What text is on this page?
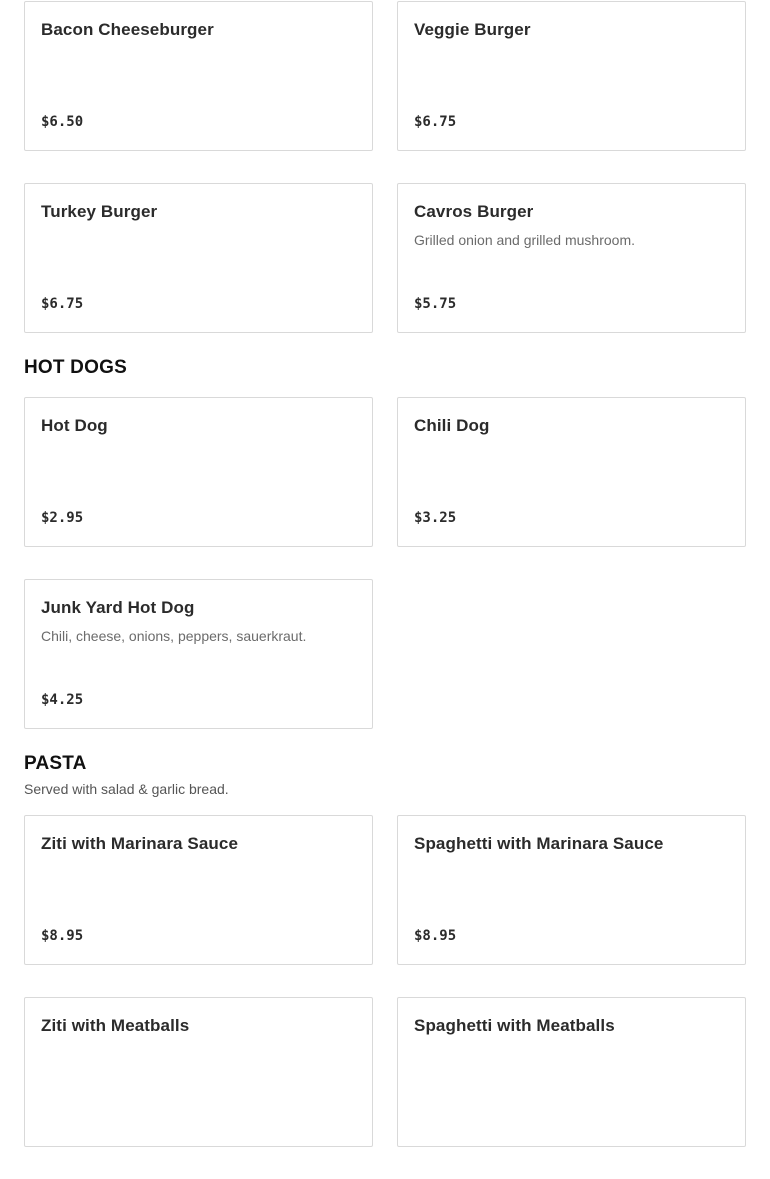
Bacon Cheeseburger
$6.50
Veggie Burger
$6.75
Turkey Burger
$6.75
Cavros Burger
Grilled onion and grilled mushroom.
$5.75
HOT DOGS
Hot Dog
$2.95
Chili Dog
$3.25
Junk Yard Hot Dog
Chili, cheese, onions, peppers, sauerkraut.
$4.25
PASTA
Served with salad & garlic bread.
Ziti with Marinara Sauce
$8.95
Spaghetti with Marinara Sauce
$8.95
Ziti with Meatballs	Spaghetti with Meatballs
